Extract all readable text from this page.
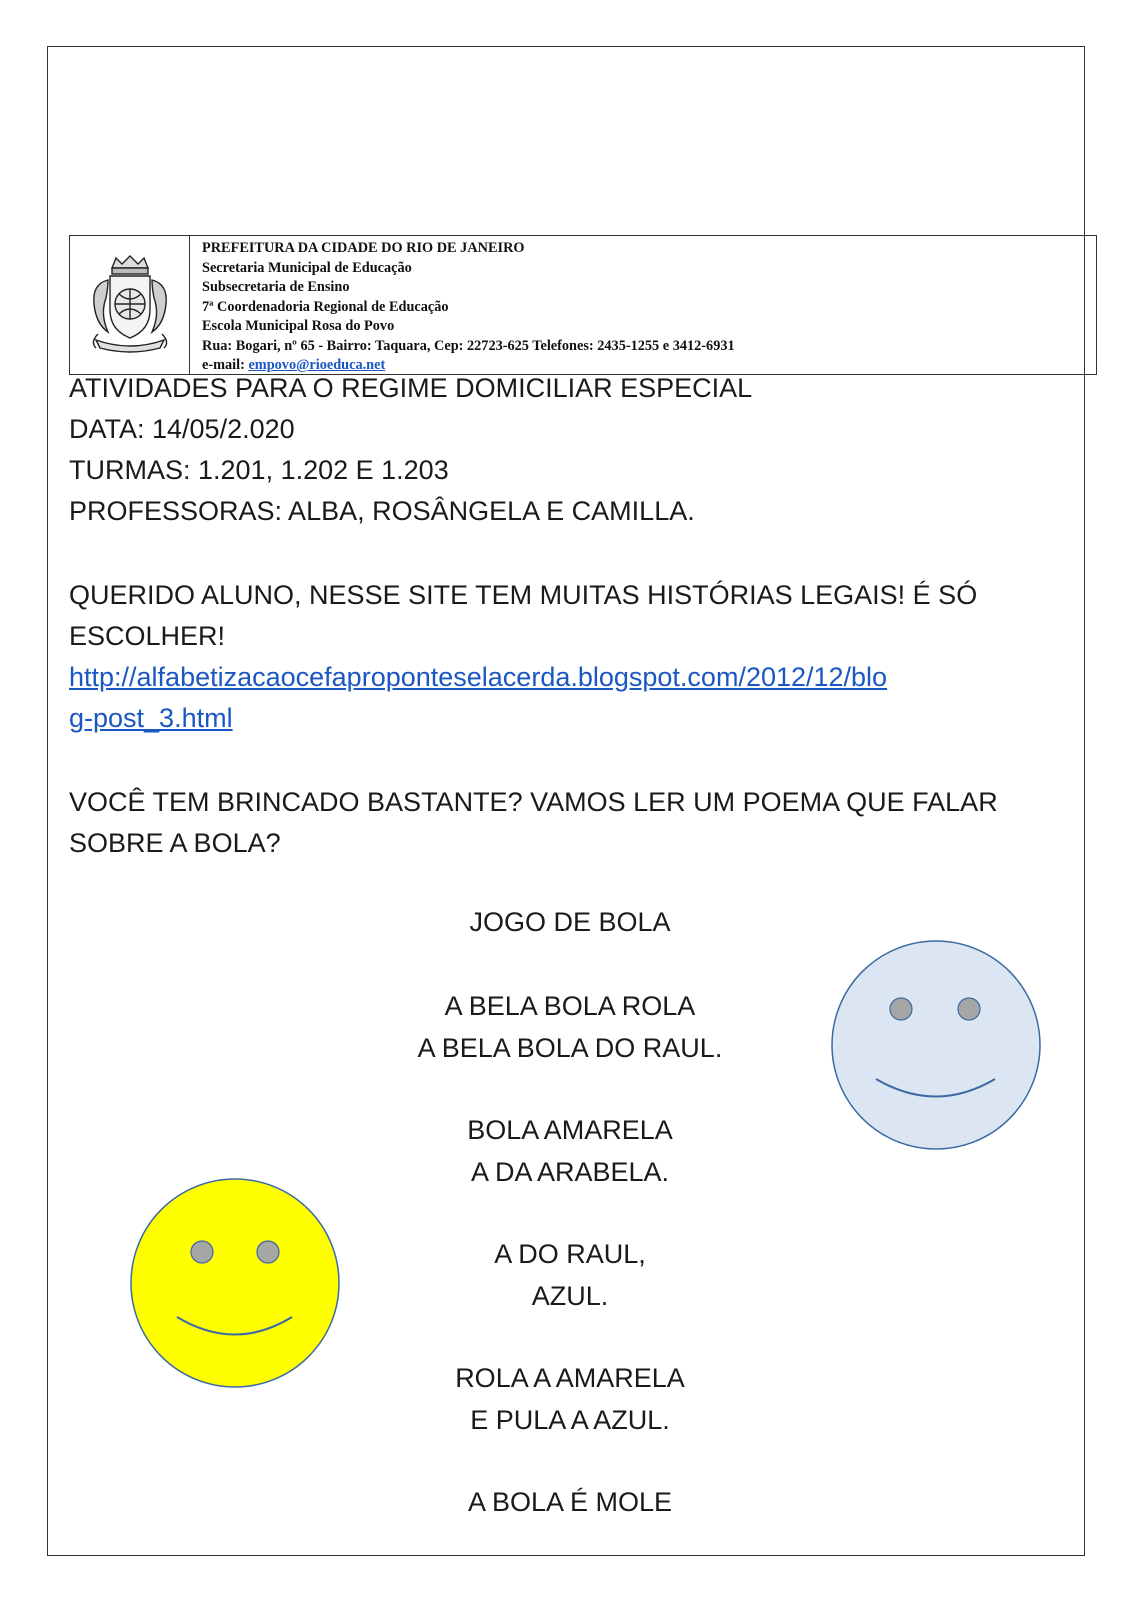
PREFEITURA DA CIDADE DO RIO DE JANEIRO
Secretaria Municipal de Educação
Subsecretaria de Ensino
7ª Coordenadoria Regional de Educação
Escola Municipal Rosa do Povo
Rua: Bogari, nº 65 - Bairro: Taquara, Cep: 22723-625 Telefones: 2435-1255 e 3412-6931
e-mail: empovo@rioeduca.net
ATIVIDADES PARA O REGIME DOMICILIAR ESPECIAL
DATA: 14/05/2.020
TURMAS: 1.201, 1.202 E 1.203
PROFESSORAS: ALBA, ROSÂNGELA E CAMILLA.
QUERIDO ALUNO, NESSE SITE TEM MUITAS HISTÓRIAS LEGAIS! É SÓ
ESCOLHER!
http://alfabetizacaocefapropontеselacerda.blogspot.com/2012/12/blo
g-post_3.html
VOCÊ TEM BRINCADO BASTANTE? VAMOS LER UM POEMA QUE FALAR
SOBRE A BOLA?
JOGO DE BOLA
A BELA BOLA ROLA
A BELA BOLA DO RAUL.
BOLA AMARELA
A DA ARABELA.
A DO RAUL,
AZUL.
ROLA A AMARELA
E PULA A AZUL.
A BOLA É MOLE
